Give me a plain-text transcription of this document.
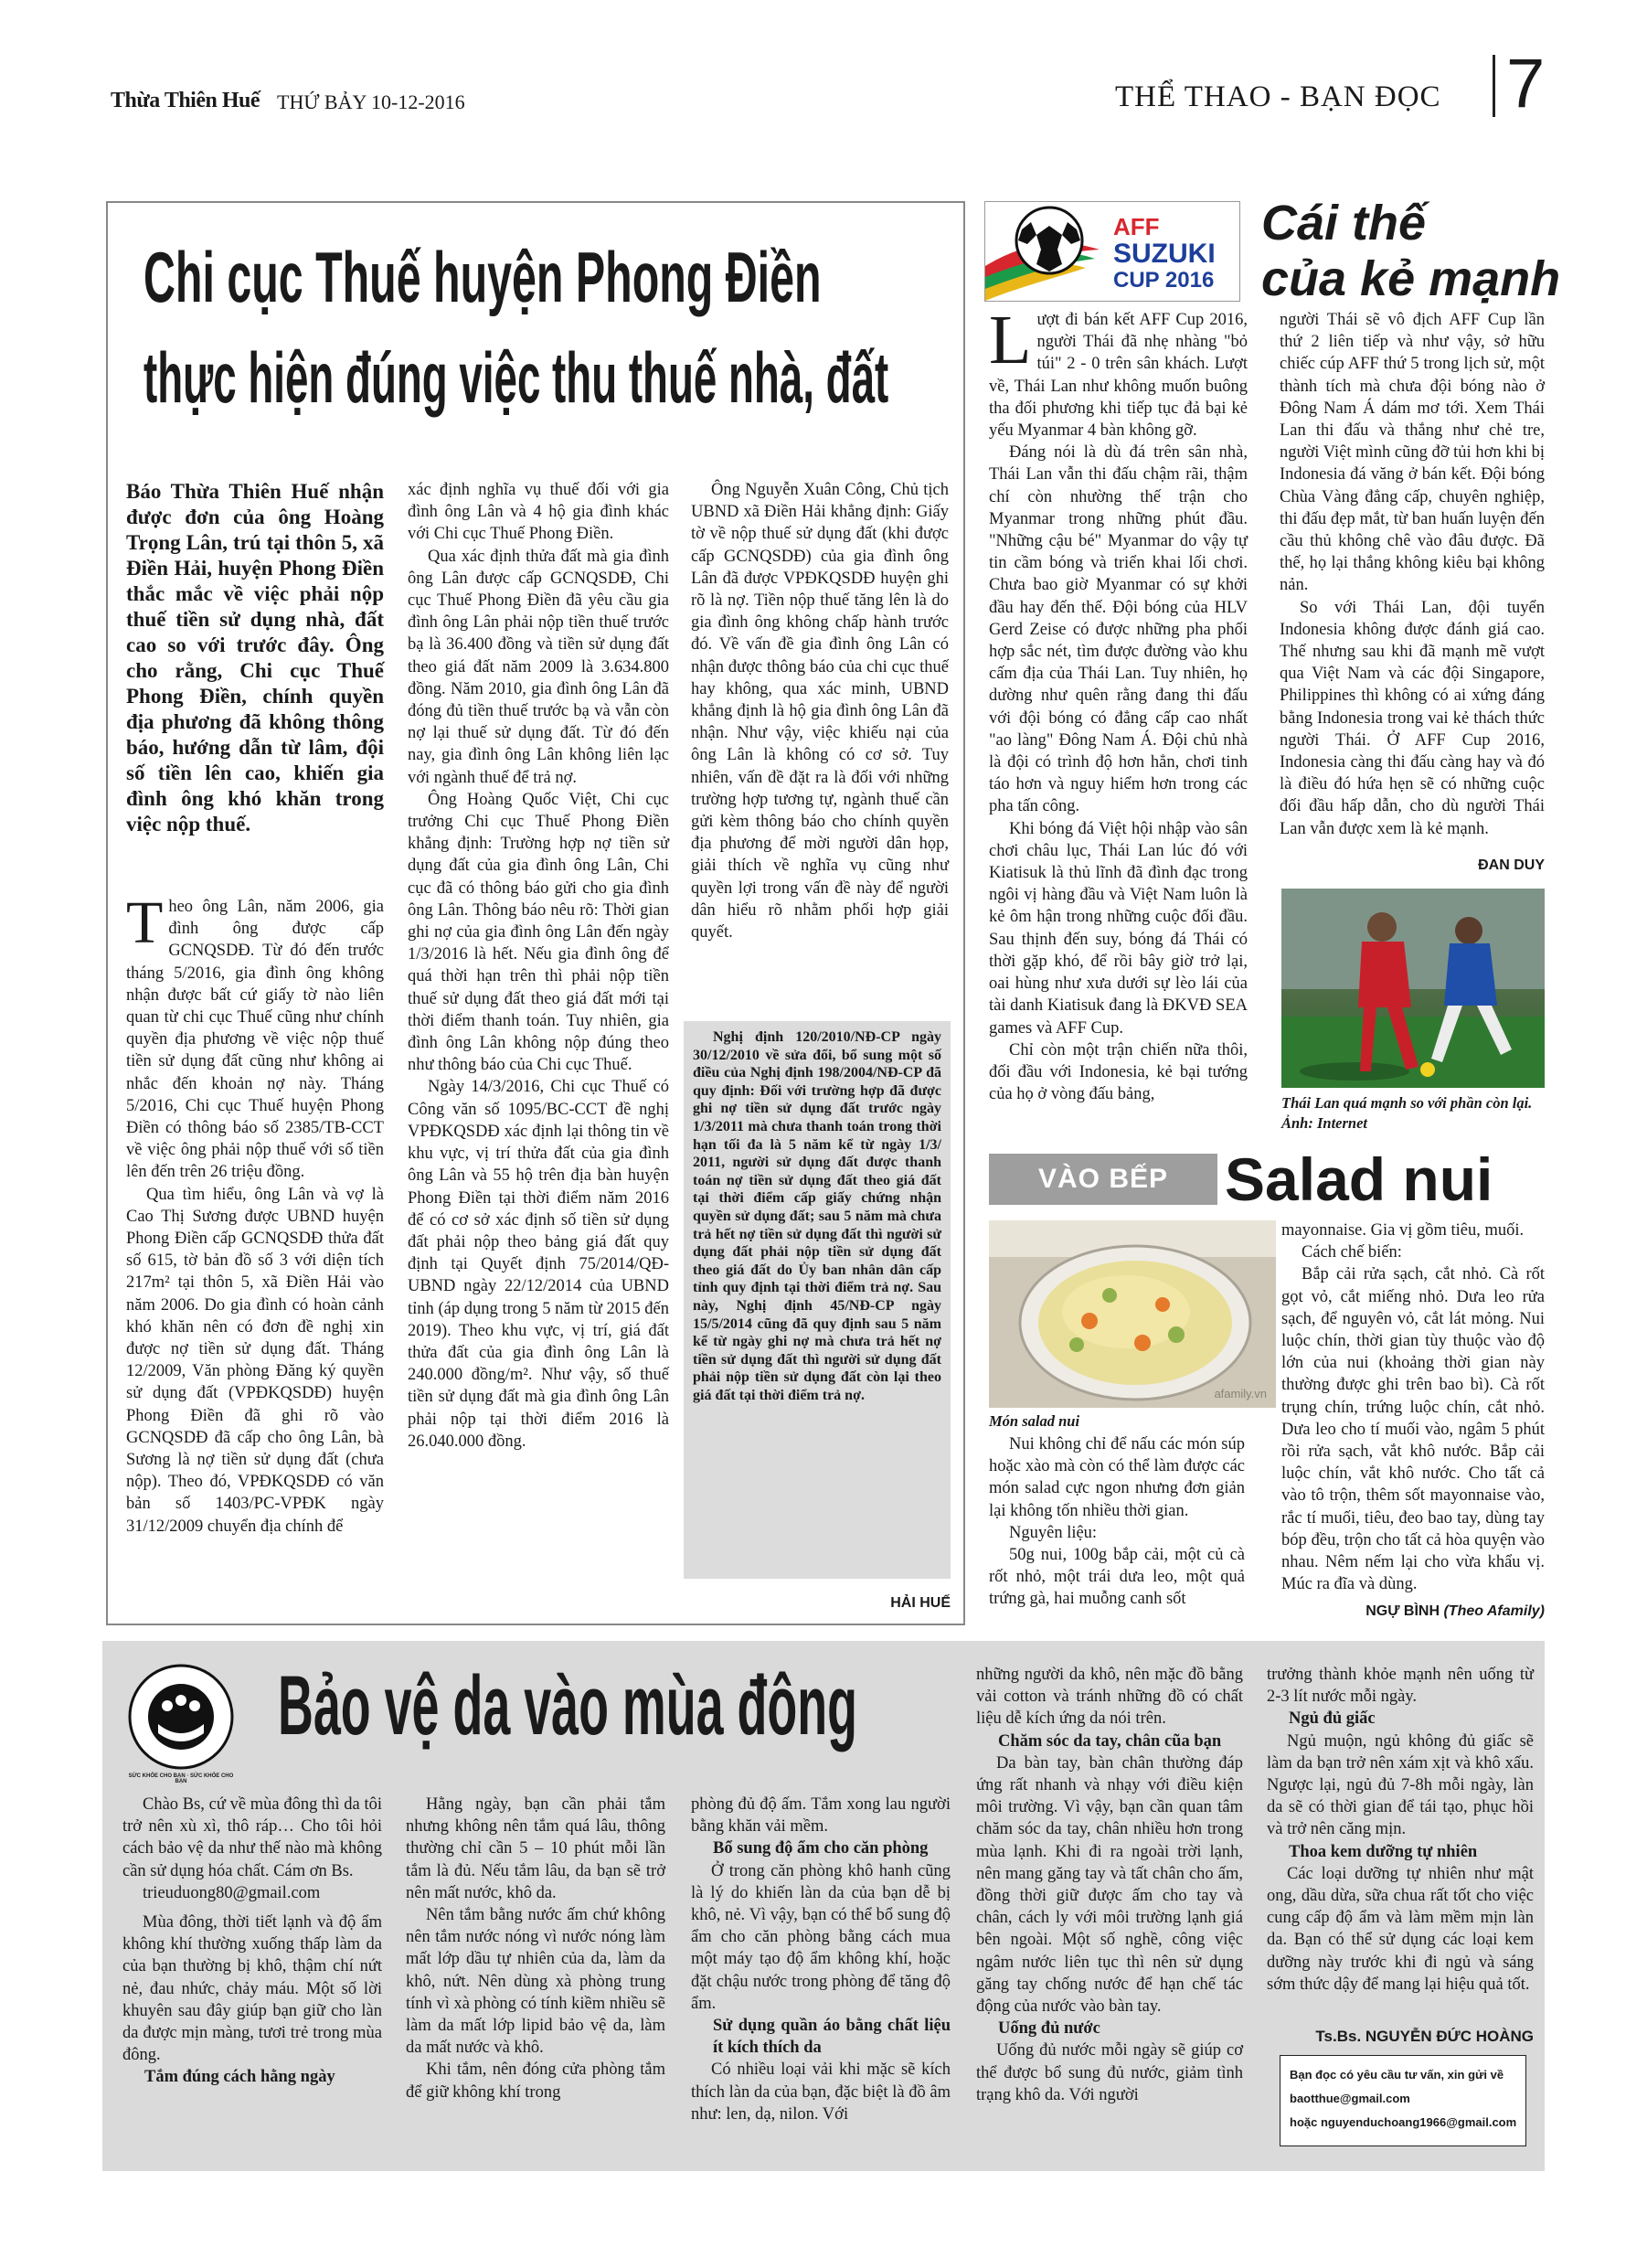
Thừa Thiên Huế THỨ BẢY 10-12-2016	THỂ THAO - BẠN ĐỌC 7
Chi cục Thuế huyện Phong Điền
thực hiện đúng việc thu thuế nhà, đất
Báo Thừa Thiên Huế nhận được đơn của ông Hoàng Trọng Lân, trú tại thôn 5, xã Điền Hải, huyện Phong Điền thắc mắc về việc phải nộp thuế tiền sử dụng nhà, đất cao so với trước đây. Ông cho rằng, Chi cục Thuế Phong Điền, chính quyền địa phương đã không thông báo, hướng dẫn từ lâm, đội số tiền lên cao, khiến gia đình ông khó khăn trong việc nộp thuế.

Theo ông Lân, năm 2006, gia đình ông được cấp GCNQSDĐ. Từ đó đến trước tháng 5/2016, gia đình ông không nhận được bất cứ giấy tờ nào liên quan từ chi cục Thuế cũng như chính quyền địa phương về việc nộp thuế tiền sử dụng đất cũng như không ai nhắc đến khoản nợ này. Tháng 5/2016, Chi cục Thuế huyện Phong Điền có thông báo số 2385/TB-CCT về việc ông phải nộp thuế với số tiền lên đến trên 26 triệu đồng.

Qua tìm hiểu, ông Lân và vợ là Cao Thị Sương được UBND huyện Phong Điền cấp GCNQSDĐ thửa đất số 615, tờ bản đồ số 3 với diện tích 217m² tại thôn 5, xã Điền Hải vào năm 2006. Do gia đình có hoàn cảnh khó khăn nên có đơn đề nghị xin được nợ tiền sử dụng đất. Tháng 12/2009, Văn phòng Đăng ký quyền sử dụng đất (VPĐKQSDĐ) huyện Phong Điền đã ghi rõ vào GCNQSDĐ đã cấp cho ông Lân, bà Sương là nợ tiền sử dụng đất (chưa nộp). Theo đó, VPĐKQSDĐ có văn bản số 1403/PC-VPĐK ngày 31/12/2009 chuyển địa chính để

xác định nghĩa vụ thuế đối với gia đình ông Lân và 4 hộ gia đình khác với Chi cục Thuế Phong Điền.

Qua xác định thửa đất mà gia đình ông Lân được cấp GCNQSDĐ, Chi cục Thuế Phong Điền đã yêu cầu gia đình ông Lân phải nộp tiền thuế trước bạ là 36.400 đồng và tiền sử dụng đất theo giá đất năm 2009 là 3.634.800 đồng. Năm 2010, gia đình ông Lân đã đóng đủ tiền thuế trước bạ và vẫn còn nợ lại thuế sử dụng đất. Từ đó đến nay, gia đình ông Lân không liên lạc với ngành thuế để trả nợ.

Ông Hoàng Quốc Việt, Chi cục trưởng Chi cục Thuế Phong Điền khẳng định: Trường hợp nợ tiền sử dụng đất của gia đình ông Lân, Chi cục đã có thông báo gửi cho gia đình ông Lân. Thông báo nêu rõ: Thời gian ghi nợ của gia đình ông Lân đến ngày 1/3/2016 là hết. Nếu gia đình ông để quá thời hạn trên thì phải nộp tiền thuế sử dụng đất theo giá đất mới tại thời điểm thanh toán. Tuy nhiên, gia đình ông Lân không nộp đúng theo như thông báo của Chi cục Thuế.

Ngày 14/3/2016, Chi cục Thuế có Công văn số 1095/BC-CCT đề nghị VPĐKQSDĐ xác định lại thông tin về khu vực, vị trí thửa đất của gia đình ông Lân và 55 hộ trên địa bàn huyện Phong Điền tại thời điểm năm 2016 để có cơ sở xác định số tiền sử dụng đất phải nộp theo bảng giá đất quy định tại Quyết định 75/2014/QĐ-UBND ngày 22/12/2014 của UBND tỉnh (áp dụng trong 5 năm từ 2015 đến 2019). Theo khu vực, vị trí, giá đất thửa đất của gia đình ông Lân là 240.000 đồng/m². Như vậy, số thuế tiền sử dụng đất mà gia đình ông Lân phải nộp tại thời điểm 2016 là 26.040.000 đồng.

Ông Nguyễn Xuân Công, Chủ tịch UBND xã Điền Hải khẳng định: Giấy tờ về nộp thuế sử dụng đất (khi được cấp GCNQSDĐ) của gia đình ông Lân đã được VPĐKQSDĐ huyện ghi rõ là nợ. Tiền nộp thuế tăng lên là do gia đình ông không chấp hành trước đó. Về vấn đề gia đình ông Lân có nhận được thông báo của chi cục thuế hay không, qua xác minh, UBND khẳng định là hộ gia đình ông Lân đã nhận. Như vậy, việc khiếu nại của ông Lân là không có cơ sở. Tuy nhiên, vấn đề đặt ra là đối với những trường hợp tương tự, ngành thuế cần gửi kèm thông báo cho chính quyền địa phương để mời người dân họp, giải thích về nghĩa vụ cũng như quyền lợi trong vấn đề này để người dân hiểu rõ nhằm phối hợp giải quyết.

Nghị định 120/2010/NĐ-CP ngày 30/12/2010 về sửa đổi, bổ sung một số điều của Nghị định 198/2004/NĐ-CP đã quy định: Đối với trường hợp đã được ghi nợ tiền sử dụng đất trước ngày 1/3/2011 mà chưa thanh toán trong thời hạn tối đa là 5 năm kể từ ngày 1/3/ 2011, người sử dụng đất được thanh toán nợ tiền sử dụng đất theo giá đất tại thời điểm cấp giấy chứng nhận quyền sử dụng đất; sau 5 năm mà chưa trả hết nợ tiền sử dụng đất thì người sử dụng đất phải nộp tiền sử dụng đất theo giá đất do Ủy ban nhân dân cấp tỉnh quy định tại thời điểm trả nợ. Sau này, Nghị định 45/NĐ-CP ngày 15/5/2014 cũng đã quy định sau 5 năm kể từ ngày ghi nợ mà chưa trả hết nợ tiền sử dụng đất thì người sử dụng đất phải nộp tiền sử dụng đất còn lại theo giá đất tại thời điểm trả nợ.
HẢI HUẾ
AFF
SUZUKI
CUP 2016
Cái thế
của kẻ mạnh

Lượt đi bán kết AFF Cup 2016, người Thái đã nhẹ nhàng "bỏ túi" 2 - 0 trên sân khách. Lượt về, Thái Lan như không muốn buông tha đối phương khi tiếp tục đả bại kẻ yếu Myanmar 4 bàn không gỡ.

Đáng nói là dù đá trên sân nhà, Thái Lan vẫn thi đấu chậm rãi, thậm chí còn nhường thế trận cho Myanmar trong những phút đầu. "Những cậu bé" Myanmar do vậy tự tin cầm bóng và triển khai lối chơi. Chưa bao giờ Myanmar có sự khởi đầu hay đến thế. Đội bóng của HLV Gerd Zeise có được những pha phối hợp sắc nét, tìm được đường vào khu cấm địa của Thái Lan. Tuy nhiên, họ dường như quên rằng đang thi đấu với đội bóng có đẳng cấp cao nhất "ao làng" Đông Nam Á. Đội chủ nhà là đội có trình độ hơn hẳn, chơi tinh táo hơn và nguy hiểm hơn trong các pha tấn công.

Khi bóng đá Việt hội nhập vào sân chơi châu lục, Thái Lan lúc đó với Kiatisuk là thủ lĩnh đã đình đạc trong ngôi vị hàng đầu và Việt Nam luôn là kẻ ôm hận trong những cuộc đối đầu. Sau thịnh đến suy, bóng đá Thái có thời gặp khó, để rồi bây giờ trở lại, oai hùng như xưa dưới sự lèo lái của tài danh Kiatisuk đang là ĐKVĐ SEA games và AFF Cup.

Chỉ còn một trận chiến nữa thôi, đối đầu với Indonesia, kẻ bại tướng của họ ở vòng đấu bảng,

người Thái sẽ vô địch AFF Cup lần thứ 2 liên tiếp và như vậy, sở hữu chiếc cúp AFF thứ 5 trong lịch sử, một thành tích mà chưa đội bóng nào ở Đông Nam Á dám mơ tới. Xem Thái Lan thi đấu và thắng như chẻ tre, người Việt mình cũng đỡ tủi hơn khi bị Indonesia đá văng ở bán kết. Đội bóng Chùa Vàng đẳng cấp, chuyên nghiệp, thi đấu đẹp mắt, từ ban huấn luyện đến cầu thủ không chê vào đâu được. Đã thế, họ lại thắng không kiêu bại không nản.

So với Thái Lan, đội tuyển Indonesia không được đánh giá cao. Thế nhưng sau khi đã mạnh mẽ vượt qua Việt Nam và các đội Singapore, Philippines thì không có ai xứng đáng bằng Indonesia trong vai kẻ thách thức người Thái. Ở AFF Cup 2016, Indonesia càng thi đấu càng hay và đó là điều đó hứa hẹn sẽ có những cuộc đối đầu hấp dẫn, cho dù người Thái Lan vẫn được xem là kẻ mạnh.

ĐAN DUY
Thái Lan quá mạnh so với phần còn lại. Ảnh: Internet
VÀO BẾP Salad nui
afamily.vn
Món salad nui

Nui không chỉ để nấu các món súp hoặc xào mà còn có thể làm được các món salad cực ngon nhưng đơn giản lại không tốn nhiều thời gian.

Nguyên liệu:

50g nui, 100g bắp cải, một củ cà rốt nhỏ, một trái dưa leo, một quả trứng gà, hai muỗng canh sốt

mayonnaise. Gia vị gồm tiêu, muối.

Cách chế biến:

Bắp cải rửa sạch, cắt nhỏ. Cà rốt gọt vỏ, cắt miếng nhỏ. Dưa leo rửa sạch, để nguyên vỏ, cắt lát mỏng. Nui luộc chín, thời gian tùy thuộc vào độ lớn của nui (khoảng thời gian này thường được ghi trên bao bì). Cà rốt trụng chín, trứng luộc chín, cắt nhỏ. Dưa leo cho tí muối vào, ngâm 5 phút rồi rửa sạch, vắt khô nước. Bắp cải luộc chín, vắt khô nước. Cho tất cả vào tô trộn, thêm sốt mayonnaise vào, rắc tí muối, tiêu, đeo bao tay, dùng tay bóp đều, trộn cho tất cả hòa quyện vào nhau. Nêm nếm lại cho vừa khẩu vị. Múc ra đĩa và dùng.

NGỰ BÌNH (Theo Afamily)
SỨC KHỎE CHO BẠN · SỨC KHỎE CHO BẠN
Bảo vệ da vào mùa đông

Chào Bs, cứ về mùa đông thì da tôi trở nên xù xì, thô ráp… Cho tôi hỏi cách bảo vệ da như thế nào mà không cần sử dụng hóa chất. Cám ơn Bs.

trieuduong80@gmail.com

Mùa đông, thời tiết lạnh và độ ẩm không khí thường xuống thấp làm da của bạn thường bị khô, thậm chí nứt nẻ, đau nhức, chảy máu. Một số lời khuyên sau đây giúp bạn giữ cho làn da được mịn màng, tươi trẻ trong mùa đông.

Tắm đúng cách hằng ngày

Hằng ngày, bạn cần phải tắm nhưng không nên tắm quá lâu, thông thường chỉ cần 5 – 10 phút mỗi lần tắm là đủ. Nếu tắm lâu, da bạn sẽ trở nên mất nước, khô da.

Nên tắm bằng nước ấm chứ không nên tắm nước nóng vì nước nóng làm mất lớp dầu tự nhiên của da, làm da khô, nứt. Nên dùng xà phòng trung tính vì xà phòng có tính kiềm nhiều sẽ làm da mất lớp lipid bảo vệ da, làm da mất nước và khô.

Khi tắm, nên đóng cửa phòng tắm để giữ không khí trong

phòng đủ độ ấm. Tắm xong lau người bằng khăn vải mềm.

Bổ sung độ ẩm cho căn phòng

Ở trong căn phòng khô hanh cũng là lý do khiến làn da của bạn dễ bị khô, nẻ. Vì vậy, bạn có thể bổ sung độ ẩm cho căn phòng bằng cách mua một máy tạo độ ẩm không khí, hoặc đặt chậu nước trong phòng để tăng độ ẩm.

Sử dụng quần áo bằng chất liệu ít kích thích da

Có nhiều loại vải khi mặc sẽ kích thích làn da của bạn, đặc biệt là đồ âm như: len, dạ, nilon. Với

những người da khô, nên mặc đồ bằng vải cotton và tránh những đồ có chất liệu dễ kích ứng da nói trên.

Chăm sóc da tay, chân cũa bạn

Da bàn tay, bàn chân thường đáp ứng rất nhanh và nhạy với điều kiện môi trường. Vì vậy, bạn cần quan tâm chăm sóc da tay, chân nhiều hơn trong mùa lạnh. Khi đi ra ngoài trời lạnh, nên mang găng tay và tất chân cho ấm, đồng thời giữ được ấm cho tay và chân, cách ly với môi trường lạnh giá bên ngoài. Một số nghề, công việc ngâm nước liên tục thì nên sử dụng găng tay chống nước để hạn chế tác động của nước vào bàn tay.

Uống đủ nước

Uống đủ nước mỗi ngày sẽ giúp cơ thể được bổ sung đủ nước, giảm tình trạng khô da. Với người

trưởng thành khỏe mạnh nên uống từ 2-3 lít nước mỗi ngày.

Ngủ đủ giấc

Ngủ muộn, ngủ không đủ giấc sẽ làm da bạn trở nên xám xịt và khô xấu. Ngược lại, ngủ đủ 7-8h mỗi ngày, làn da sẽ có thời gian để tái tạo, phục hồi và trở nên căng mịn.

Thoa kem dưỡng tự nhiên

Các loại dưỡng tự nhiên như mật ong, dầu dừa, sữa chua rất tốt cho việc cung cấp độ ẩm và làm mềm mịn làn da. Bạn có thể sử dụng các loại kem dưỡng này trước khi đi ngủ và sáng sớm thức dậy để mang lại hiệu quả tốt.

Ts.Bs. NGUYỄN ĐỨC HOÀNG
Bạn đọc có yêu cầu tư vấn, xin gửi về
baotthue@gmail.com
hoặc nguyenduchoang1966@gmail.com
